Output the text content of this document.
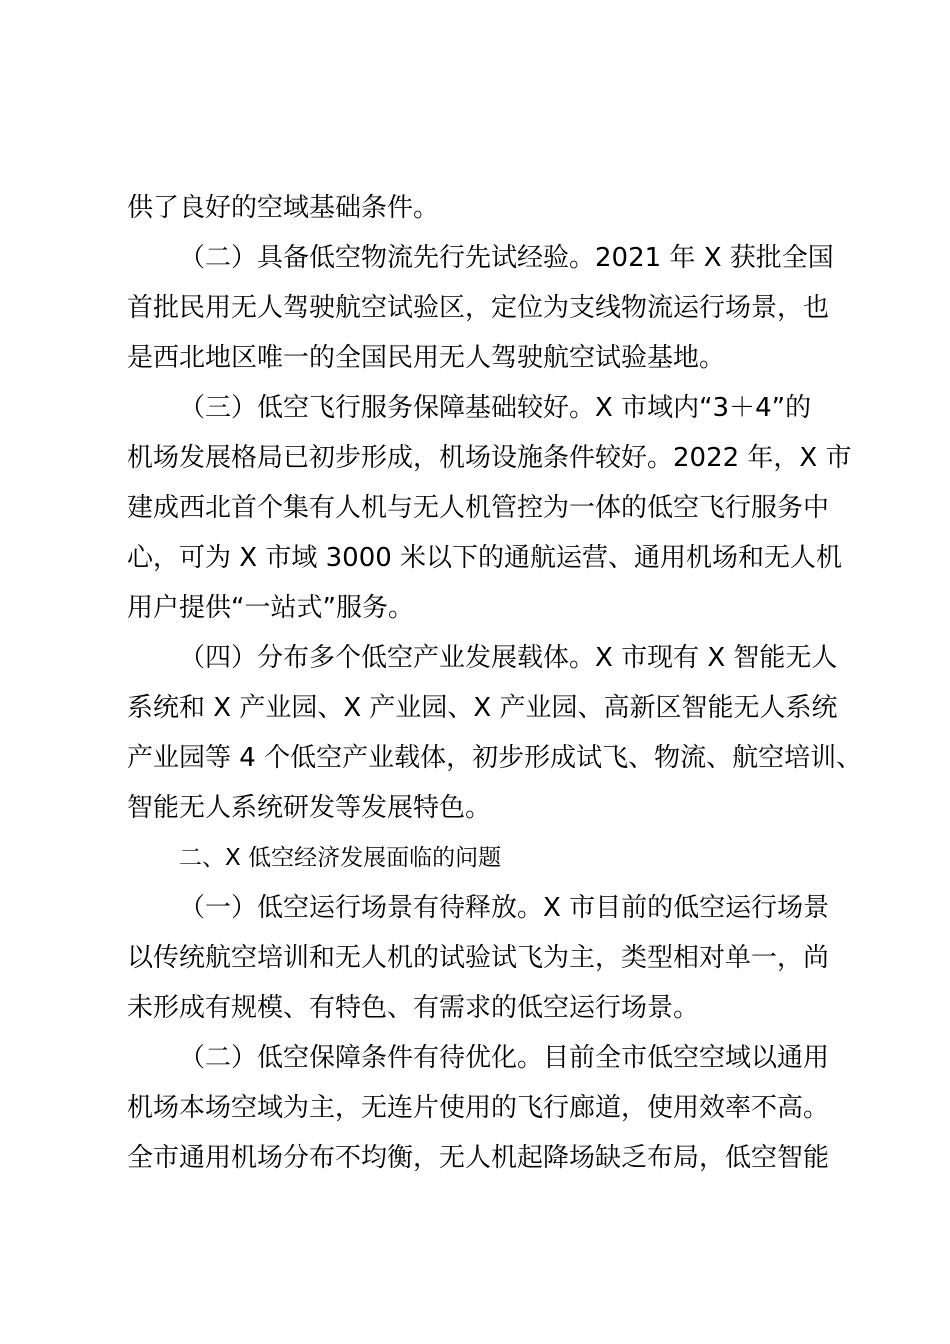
供了良好的空域基础条件。
（二）具备低空物流先行先试经验。2021 年 X 获批全国
首批民用无人驾驶航空试验区，定位为支线物流运行场景，也
是西北地区唯一的全国民用无人驾驶航空试验基地。
（三）低空飞行服务保障基础较好。X 市域内“3＋4”的
机场发展格局已初步形成，机场设施条件较好。2022 年，X 市
建成西北首个集有人机与无人机管控为一体的低空飞行服务中
心，可为 X 市域 3000 米以下的通航运营、通用机场和无人机
用户提供“一站式”服务。
（四）分布多个低空产业发展载体。X 市现有 X 智能无人
系统和 X 产业园、X 产业园、X 产业园、高新区智能无人系统
产业园等 4 个低空产业载体，初步形成试飞、物流、航空培训、
智能无人系统研发等发展特色。
二、X 低空经济发展面临的问题
（一）低空运行场景有待释放。X 市目前的低空运行场景
以传统航空培训和无人机的试验试飞为主，类型相对单一，尚
未形成有规模、有特色、有需求的低空运行场景。
（二）低空保障条件有待优化。目前全市低空空域以通用
机场本场空域为主，无连片使用的飞行廊道，使用效率不高。
全市通用机场分布不均衡，无人机起降场缺乏布局，低空智能
